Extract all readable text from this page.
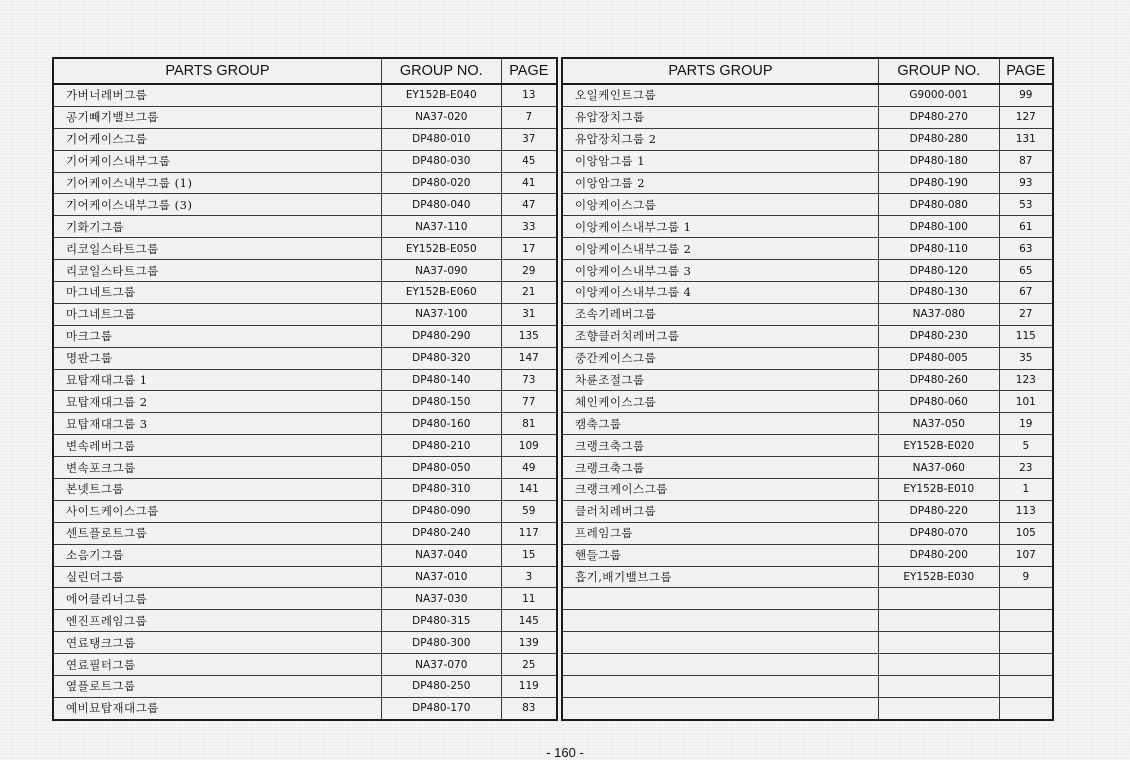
PARTS GROUP	GROUP NO.	PAGE
가버너레버그룹	EY152B-E040	13
공기빼기밸브그룹	NA37-020	7
기어케이스그룹	DP480-010	37
기어케이스내부그룹	DP480-030	45
기어케이스내부그룹 (1)	DP480-020	41
기어케이스내부그룹 (3)	DP480-040	47
기화기그룹	NA37-110	33
리코일스타트그룹	EY152B-E050	17
리코일스타트그룹	NA37-090	29
마그네트그룹	EY152B-E060	21
마그네트그룹	NA37-100	31
마크그룹	DP480-290	135
명판그룹	DP480-320	147
묘탑재대그룹 1	DP480-140	73
묘탑재대그룹 2	DP480-150	77
묘탑재대그룹 3	DP480-160	81
변속레버그룹	DP480-210	109
변속포크그룹	DP480-050	49
본넷트그룹	DP480-310	141
사이드케이스그룹	DP480-090	59
센트플로트그룹	DP480-240	117
소음기그룹	NA37-040	15
실린더그룹	NA37-010	3
에어클리너그룹	NA37-030	11
엔진프레임그룹	DP480-315	145
연료탱크그룹	DP480-300	139
연료필터그룹	NA37-070	25
옆플로트그룹	DP480-250	119
예비묘탑재대그룹	DP480-170	83
PARTS GROUP	GROUP NO.	PAGE
오일케인트그룹	G9000-001	99
유압장치그룹	DP480-270	127
유압장치그룹 2	DP480-280	131
이앙암그룹 1	DP480-180	87
이앙암그룹 2	DP480-190	93
이앙케이스그룹	DP480-080	53
이앙케이스내부그룹 1	DP480-100	61
이앙케이스내부그룹 2	DP480-110	63
이앙케이스내부그룹 3	DP480-120	65
이앙케이스내부그룹 4	DP480-130	67
조속기레버그룹	NA37-080	27
조향클러치레버그룹	DP480-230	115
중간케이스그룹	DP480-005	35
차륜조절그룹	DP480-260	123
체인케이스그룹	DP480-060	101
캠축그룹	NA37-050	19
크랭크축그룹	EY152B-E020	5
크랭크축그룹	NA37-060	23
크랭크케이스그룹	EY152B-E010	1
클러치레버그룹	DP480-220	113
프레임그룹	DP480-070	105
핸들그룹	DP480-200	107
흡기,배기밸브그룹	EY152B-E030	9

- 160 -
